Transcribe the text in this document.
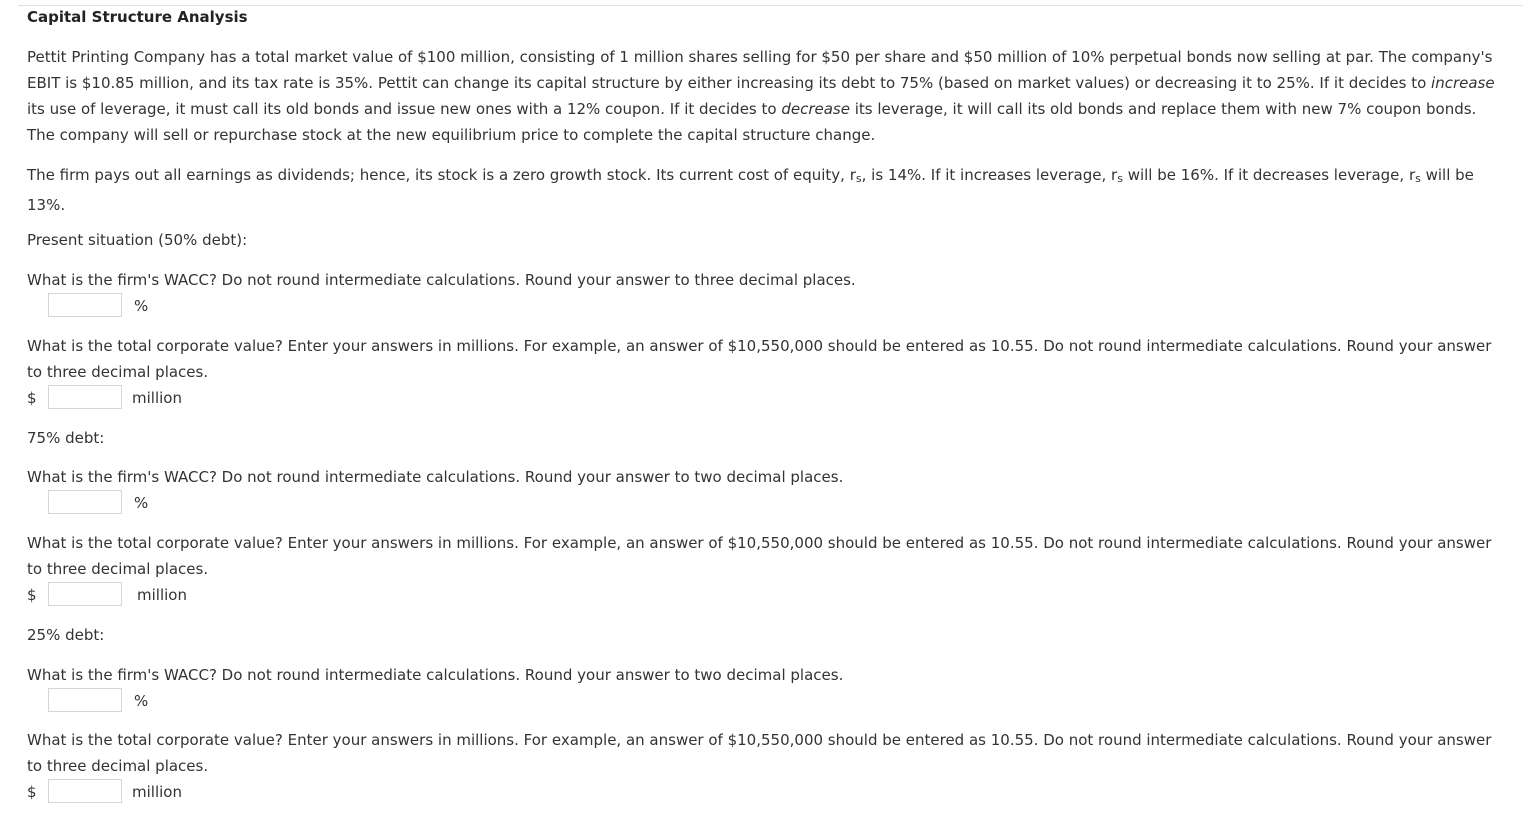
Capital Structure Analysis

Pettit Printing Company has a total market value of $100 million, consisting of 1 million shares selling for $50 per share and $50 million of 10% perpetual bonds now selling at par. The company's EBIT is $10.85 million, and its tax rate is 35%. Pettit can change its capital structure by either increasing its debt to 75% (based on market values) or decreasing it to 25%. If it decides to increase its use of leverage, it must call its old bonds and issue new ones with a 12% coupon. If it decides to decrease its leverage, it will call its old bonds and replace them with new 7% coupon bonds. The company will sell or repurchase stock at the new equilibrium price to complete the capital structure change.

The firm pays out all earnings as dividends; hence, its stock is a zero growth stock. Its current cost of equity, rs, is 14%. If it increases leverage, rs will be 16%. If it decreases leverage, rs will be 13%.

Present situation (50% debt):
What is the firm's WACC? Do not round intermediate calculations. Round your answer to three decimal places.
%

What is the total corporate value? Enter your answers in millions. For example, an answer of $10,550,000 should be entered as 10.55. Do not round intermediate calculations. Round your answer to three decimal places.

$	million
75% debt:
What is the firm's WACC? Do not round intermediate calculations. Round your answer to two decimal places.
%

What is the total corporate value? Enter your answers in millions. For example, an answer of $10,550,000 should be entered as 10.55. Do not round intermediate calculations. Round your answer to three decimal places.

$	million
25% debt:
What is the firm's WACC? Do not round intermediate calculations. Round your answer to two decimal places.
%

What is the total corporate value? Enter your answers in millions. For example, an answer of $10,550,000 should be entered as 10.55. Do not round intermediate calculations. Round your answer to three decimal places.

$	million
